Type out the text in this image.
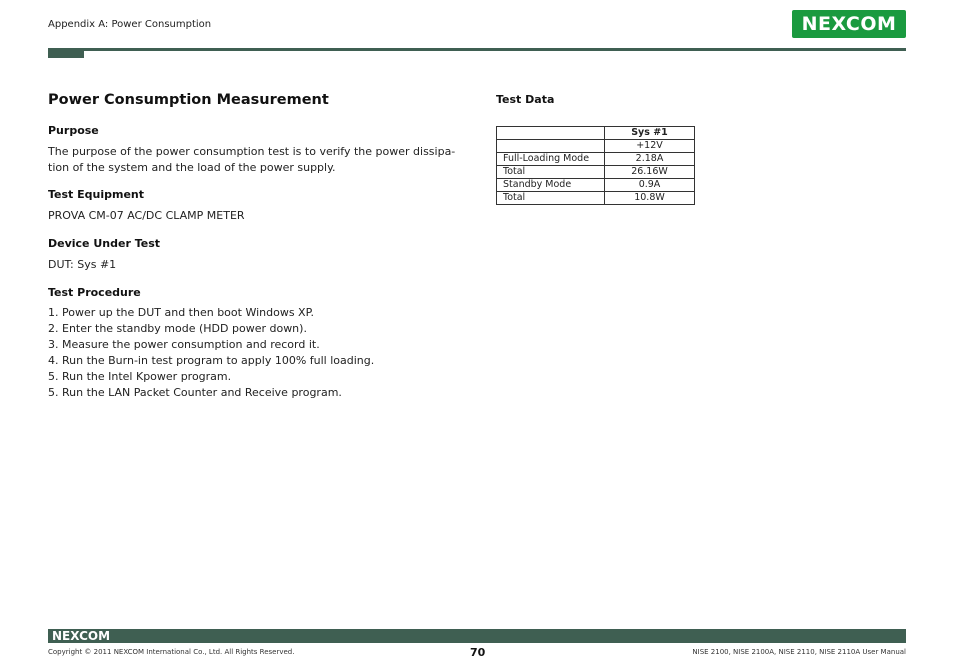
Appendix A: Power Consumption	NEXCOM
Power Consumption Measurement
Purpose
The purpose of the power consumption test is to verify the power dissipa-
tion of the system and the load of the power supply.
Test Equipment
PROVA CM-07 AC/DC CLAMP METER
Device Under Test
DUT: Sys #1
Test Procedure
1. Power up the DUT and then boot Windows XP.
2. Enter the standby mode (HDD power down).
3. Measure the power consumption and record it.
4. Run the Burn-in test program to apply 100% full loading.
5. Run the Intel Kpower program.
5. Run the LAN Packet Counter and Receive program.
Test Data
	Sys #1
	+12V
Full-Loading Mode	2.18A
Total	26.16W
Standby Mode	0.9A
Total	10.8W
NEXCOM
Copyright © 2011 NEXCOM International Co., Ltd. All Rights Reserved.	70	NISE 2100, NISE 2100A, NISE 2110, NISE 2110A User Manual
